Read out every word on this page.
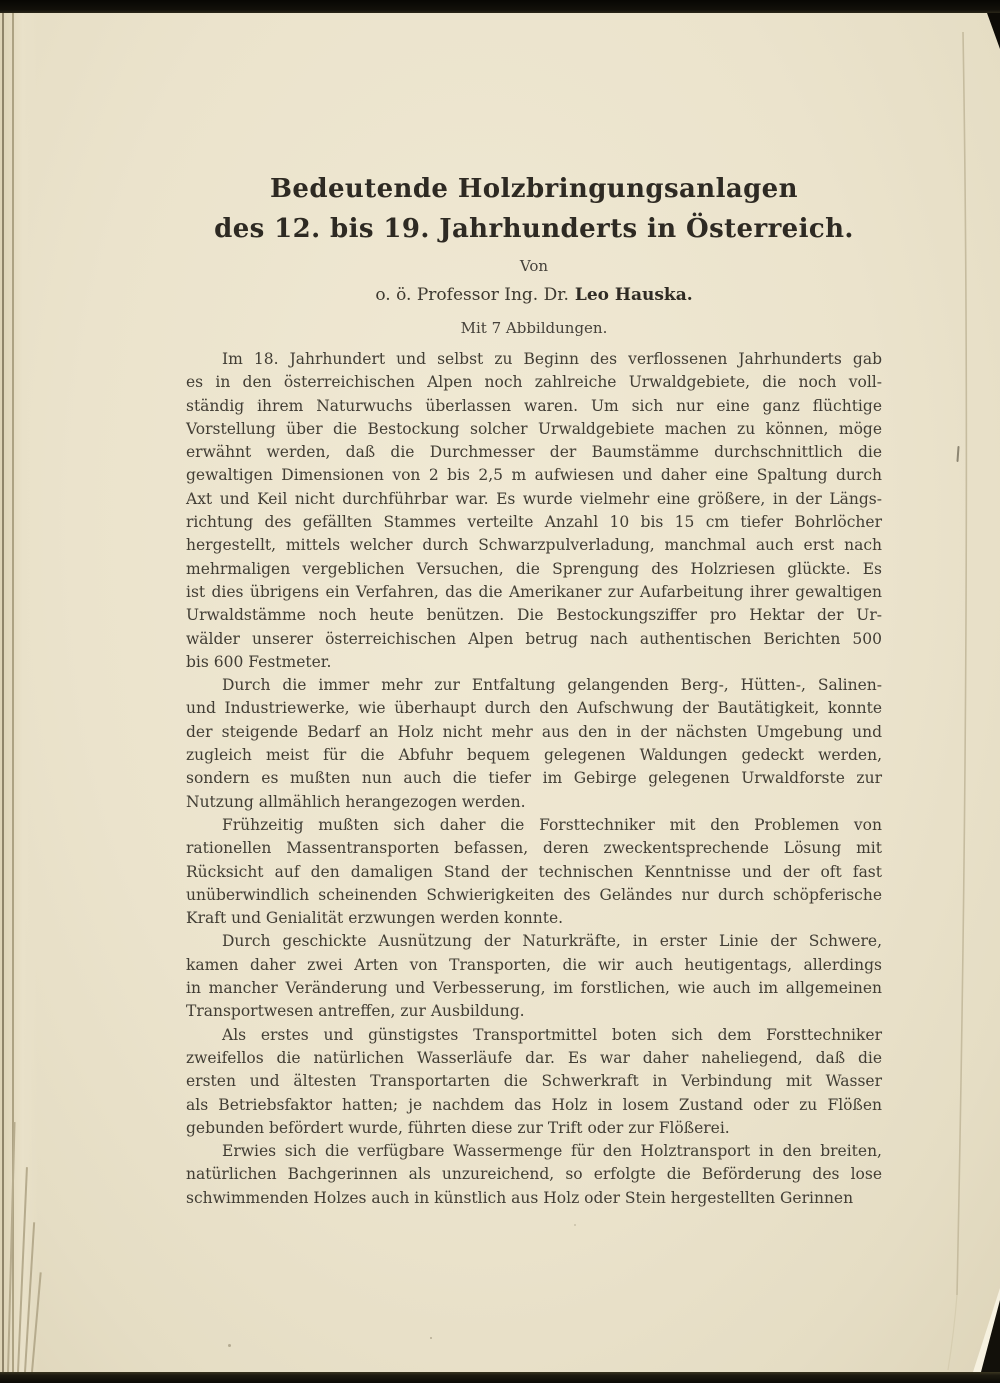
Bedeutende Holzbringungsanlagen
des 12. bis 19. Jahrhunderts in Österreich.
Von
o. ö. Professor Ing. Dr. Leo Hauska.
Mit 7 Abbildungen.
Im 18. Jahrhundert und selbst zu Beginn des verflossenen Jahrhunderts gab
es in den österreichischen Alpen noch zahlreiche Urwaldgebiete, die noch voll-
ständig ihrem Naturwuchs überlassen waren. Um sich nur eine ganz flüchtige
Vorstellung über die Bestockung solcher Urwaldgebiete machen zu können, möge
erwähnt werden, daß die Durchmesser der Baumstämme durchschnittlich die
gewaltigen Dimensionen von 2 bis 2,5 m aufwiesen und daher eine Spaltung durch
Axt und Keil nicht durchführbar war. Es wurde vielmehr eine größere, in der Längs-
richtung des gefällten Stammes verteilte Anzahl 10 bis 15 cm tiefer Bohrlöcher
hergestellt, mittels welcher durch Schwarzpulverladung, manchmal auch erst nach
mehrmaligen vergeblichen Versuchen, die Sprengung des Holzriesen glückte. Es
ist dies übrigens ein Verfahren, das die Amerikaner zur Aufarbeitung ihrer gewaltigen
Urwaldstämme noch heute benützen. Die Bestockungsziffer pro Hektar der Ur-
wälder unserer österreichischen Alpen betrug nach authentischen Berichten 500
bis 600 Festmeter.
Durch die immer mehr zur Entfaltung gelangenden Berg-, Hütten-, Salinen-
und Industriewerke, wie überhaupt durch den Aufschwung der Bautätigkeit, konnte
der steigende Bedarf an Holz nicht mehr aus den in der nächsten Umgebung und
zugleich meist für die Abfuhr bequem gelegenen Waldungen gedeckt werden,
sondern es mußten nun auch die tiefer im Gebirge gelegenen Urwaldforste zur
Nutzung allmählich herangezogen werden.
Frühzeitig mußten sich daher die Forsttechniker mit den Problemen von
rationellen Massentransporten befassen, deren zweckentsprechende Lösung mit
Rücksicht auf den damaligen Stand der technischen Kenntnisse und der oft fast
unüberwindlich scheinenden Schwierigkeiten des Geländes nur durch schöpferische
Kraft und Genialität erzwungen werden konnte.
Durch geschickte Ausnützung der Naturkräfte, in erster Linie der Schwere,
kamen daher zwei Arten von Transporten, die wir auch heutigentags, allerdings
in mancher Veränderung und Verbesserung, im forstlichen, wie auch im allgemeinen
Transportwesen antreffen, zur Ausbildung.
Als erstes und günstigstes Transportmittel boten sich dem Forsttechniker
zweifellos die natürlichen Wasserläufe dar. Es war daher naheliegend, daß die
ersten und ältesten Transportarten die Schwerkraft in Verbindung mit Wasser
als Betriebsfaktor hatten; je nachdem das Holz in losem Zustand oder zu Flößen
gebunden befördert wurde, führten diese zur Trift oder zur Flößerei.
Erwies sich die verfügbare Wassermenge für den Holztransport in den breiten,
natürlichen Bachgerinnen als unzureichend, so erfolgte die Beförderung des lose
schwimmenden Holzes auch in künstlich aus Holz oder Stein hergestellten Gerinnen
